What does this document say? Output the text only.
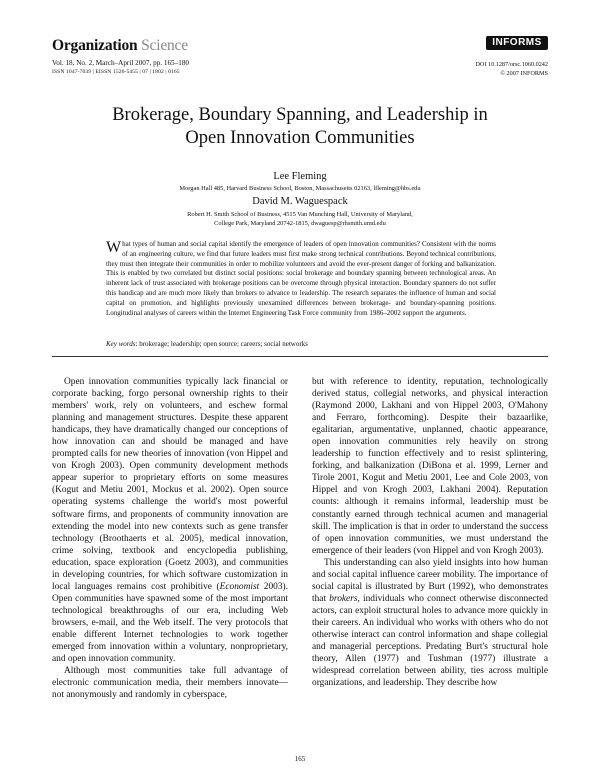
Organization Science
Vol. 18, No. 2, March–April 2007, pp. 165–180
ISSN 1047-7039 | EISSN 1526-5455 | 07 | 1802 | 0165
INFORMS
DOI 10.1287/orsc.1060.0242
© 2007 INFORMS
Brokerage, Boundary Spanning, and Leadership in
Open Innovation Communities
Lee Fleming
Morgan Hall 485, Harvard Business School, Boston, Massachusetts 02163, lfleming@hbs.edu
David M. Waguespack
Robert H. Smith School of Business, 4515 Van Munching Hall, University of Maryland,
College Park, Maryland 20742-1815, dwaguesp@rhsmith.umd.edu
What types of human and social capital identify the emergence of leaders of open innovation communities? Consistent with the norms of an engineering culture, we find that future leaders must first make strong technical contributions. Beyond technical contributions, they must then integrate their communities in order to mobilize volunteers and avoid the ever-present danger of forking and balkanization. This is enabled by two correlated but distinct social positions: social brokerage and boundary spanning between technological areas. An inherent lack of trust associated with brokerage positions can be overcome through physical interaction. Boundary spanners do not suffer this handicap and are much more likely than brokers to advance to leadership. The research separates the influence of human and social capital on promotion, and highlights previously unexamined differences between brokerage- and boundary-spanning positions. Longitudinal analyses of careers within the Internet Engineering Task Force community from 1986–2002 support the arguments.
Key words: brokerage; leadership; open source; careers; social networks

Open innovation communities typically lack financial or corporate backing, forgo personal ownership rights to their members' work, rely on volunteers, and eschew formal planning and management structures. Despite these apparent handicaps, they have dramatically changed our conceptions of how innovation can and should be managed and have prompted calls for new theories of innovation (von Hippel and von Krogh 2003). Open community development methods appear superior to proprietary efforts on some measures (Kogut and Metiu 2001, Mockus et al. 2002). Open source operating systems challenge the world's most powerful software firms, and proponents of community innovation are extending the model into new contexts such as gene transfer technology (Broothaerts et al. 2005), medical innovation, crime solving, textbook and encyclopedia publishing, education, space exploration (Goetz 2003), and communities in developing countries, for which software customization in local languages remains cost prohibitive (Economist 2003). Open communities have spawned some of the most important technological breakthroughs of our era, including Web browsers, e-mail, and the Web itself. The very protocols that enable different Internet technologies to work together emerged from innovation within a voluntary, nonproprietary, and open innovation community.

Although most communities take full advantage of electronic communication media, their members innovate—not anonymously and randomly in cyberspace,

but with reference to identity, reputation, technologically derived status, collegial networks, and physical interaction (Raymond 2000, Lakhani and von Hippel 2003, O'Mahony and Ferraro, forthcoming). Despite their bazaarlike, egalitarian, argumentative, unplanned, chaotic appearance, open innovation communities rely heavily on strong leadership to function effectively and to resist splintering, forking, and balkanization (DiBona et al. 1999, Lerner and Tirole 2001, Kogut and Metiu 2001, Lee and Cole 2003, von Hippel and von Krogh 2003, Lakhani 2004). Reputation counts: although it remains informal, leadership must be constantly earned through technical acumen and managerial skill. The implication is that in order to understand the success of open innovation communities, we must understand the emergence of their leaders (von Hippel and von Krogh 2003).

This understanding can also yield insights into how human and social capital influence career mobility. The importance of social capital is illustrated by Burt (1992), who demonstrates that brokers, individuals who connect otherwise disconnected actors, can exploit structural holes to advance more quickly in their careers. An individual who works with others who do not otherwise interact can control information and shape collegial and managerial perceptions. Predating Burt's structural hole theory, Allen (1977) and Tushman (1977) illustrate a widespread correlation between ability, ties across multiple organizations, and leadership. They describe how

165
